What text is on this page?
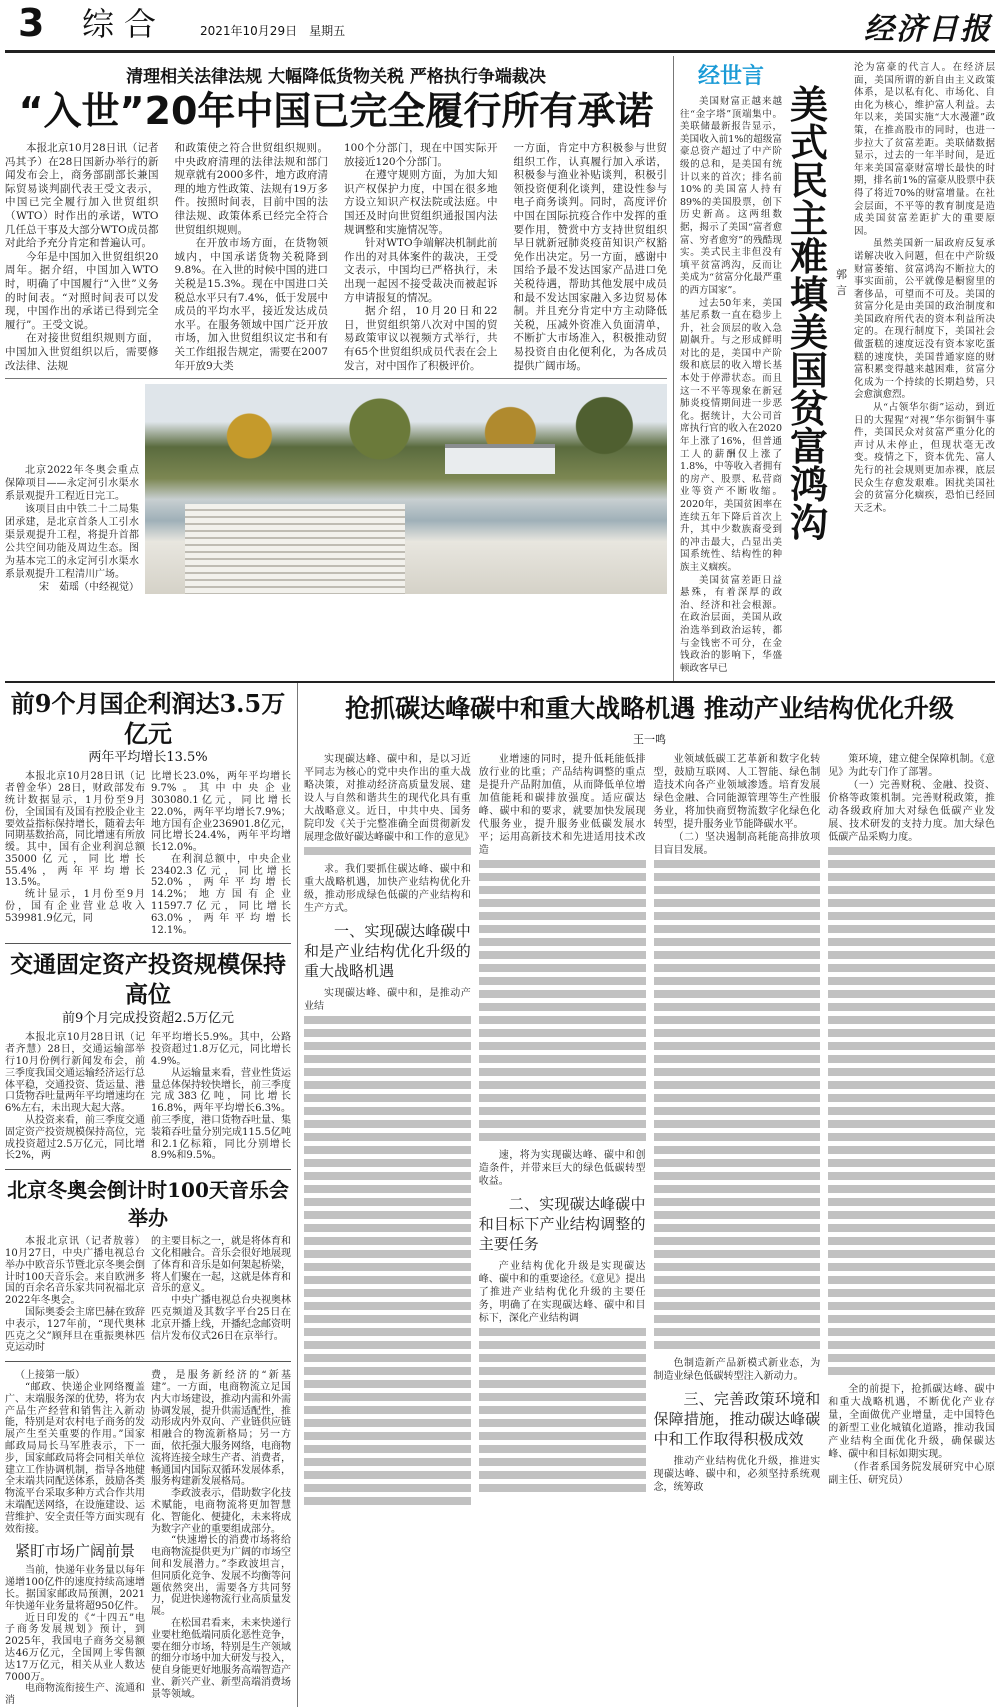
3 综合	2021年10月29日　 星期五	经济日报
清理相关法律法规 大幅降低货物关税 严格执行争端裁决
“入世”20年中国已完全履行所有承诺

本报北京10月28日讯（记者冯其予）在28日国新办举行的新闻发布会上，商务部副部长兼国际贸易谈判副代表王受文表示，中国已完全履行加入世贸组织（WTO）时作出的承诺，WTO几任总干事及大部分WTO成员都对此给予充分肯定和普遍认可。
今年是中国加入世贸组织20周年。据介绍，中国加入WTO时，明确了中国履行“入世”义务的时间表。“对照时间表可以发现，中国作出的承诺已得到完全履行”。王受文说。
在对接世贸组织规则方面，中国加入世贸组织以后，需要修改法律、法规

和政策使之符合世贸组织规则。中央政府清理的法律法规和部门规章就有2000多件，地方政府清理的地方性政策、法规有19万多件。按照时间表，目前中国的法律法规、政策体系已经完全符合世贸组织规则。
在开放市场方面，在货物领域内，中国承诺货物关税降到9.8%。在入世的时候中国的进口关税是15.3%。现在中国进口关税总水平只有7.4%，低于发展中成员的平均水平，接近发达成员水平。在服务领域中国广泛开放市场，加入世贸组织议定书和有关工作组报告规定，需要在2007年开放9大类

100个分部门，现在中国实际开放接近120个分部门。
在遵守规则方面，为加大知识产权保护力度，中国在很多地方设立知识产权法院或法庭。中国还及时向世贸组织通报国内法规调整和实施情况等。
针对WTO争端解决机制此前作出的对具体案件的裁决，王受文表示，中国均已严格执行，未出现一起因不接受裁决而被起诉方申请报复的情况。
据介绍，10月20日和22日，世贸组织第八次对中国的贸易政策审议以视频方式举行，共有65个世贸组织成员代表在会上发言，对中国作了积极评价。

一方面，肯定中方积极参与世贸组织工作，认真履行加入承诺，积极参与渔业补贴谈判，积极引领投资便利化谈判，建设性参与电子商务谈判。同时，高度评价中国在国际抗疫合作中发挥的重要作用，赞赏中方支持世贸组织早日就新冠肺炎疫苗知识产权豁免作出决定。另一方面，感谢中国给予最不发达国家产品进口免关税待遇，帮助其他发展中成员和最不发达国家融入多边贸易体制。并且充分肯定中方主动降低关税，压减外资准入负面清单，不断扩大市场准入，积极推动贸易投资自由化便利化，为各成员提供广阔市场。

北京2022年冬奥会重点保障项目——永定河引水渠水系景观提升工程近日完工。
该项目由中铁二十二局集团承建，是北京首条人工引水渠景观提升工程，将提升首都公共空间功能及周边生态。图为基本完工的永定河引水渠水系景观提升工程清川广场。

宋　茹瑶（中经视觉）
经世言

美国财富正越来越往“金字塔”顶端集中。美联储最新报告显示，美国收入前1%的超级富豪总资产超过了中产阶级的总和，是美国有统计以来的首次；排名前10%的美国富人持有89%的美国股票，创下历史新高。这两组数据，揭示了美国“富者愈富、穷者愈穷”的残酷现实。美式民主非但没有填平贫富鸿沟，反而让美成为“贫富分化最严重的西方国家”。
过去50年来，美国基尼系数一直在稳步上升，社会顶层的收入急剧飙升。与之形成鲜明对比的是，美国中产阶级和底层的收入增长基本处于停滞状态。而且这一不平等现象在新冠肺炎疫情期间进一步恶化。据统计，大公司首席执行官的收入在2020年上涨了16%，但普通工人的薪酬仅上涨了1.8%，中等收入者拥有的房产、股票、私营商业等资产不断收缩。2020年，美国贫困率在连续五年下降后首次上升，其中少数族裔受到的冲击最大，凸显出美国系统性、结构性的种族主义痼疾。
美国贫富差距日益悬殊，有着深厚的政治、经济和社会根源。在政治层面，美国从政治选举到政治运转，都与金钱密不可分，在金钱政治的影响下，华盛顿政客早已

美式民主难填美国贫富鸿沟
郭　言

沦为富豪的代言人。在经济层面，美国所谓的新自由主义政策体系，是以私有化、市场化、自由化为核心，维护富人利益。去年以来，美国实施“大水漫灌”政策，在推高股市的同时，也进一步拉大了贫富差距。美联储数据显示，过去的一年半时间，是近年来美国富豪财富增长最快的时期，排名前1%的富豪从股票中获得了将近70%的财富增量。在社会层面，不平等的教育制度是造成美国贫富差距扩大的重要原因。
虽然美国新一届政府反复承诺解决收入问题，但在中产阶级财富萎缩、贫富鸿沟不断拉大的事实面前，公平就像是橱窗里的奢侈品，可望而不可及。美国的贫富分化是由美国的政治制度和美国政府所代表的资本利益所决定的。在现行制度下，美国社会做蛋糕的速度远没有资本家吃蛋糕的速度快，美国普通家庭的财富积累变得越来越困难，贫富分化成为一个持续的长期趋势，只会愈演愈烈。
从“占领华尔街”运动，到近日的大猩猩“对视”华尔街铜牛事件，美国民众对贫富严重分化的声讨从未停止，但现状毫无改变。疫情之下，资本优先、富人先行的社会规则更加赤裸，底层民众生存愈发艰难。困扰美国社会的贫富分化痼疾，恐怕已经回天乏术。

前9个月国企利润达3.5万亿元
两年平均增长13.5%

本报北京10月28日讯（记者曾金华）28日，财政部发布统计数据显示，1月份至9月份，全国国有及国有控股企业主要效益指标保持增长，随着去年同期基数抬高，同比增速有所放缓。其中，国有企业利润总额35000亿元，同比增长55.4%，两年平均增长13.5%。
统计显示，1月份至9月份，国有企业营业总收入539981.9亿元，同

比增长23.0%，两年平均增长9.7%。其中中央企业303080.1亿元，同比增长22.0%，两年平均增长7.9%；地方国有企业236901.8亿元，同比增长24.4%，两年平均增长12.0%。
在利润总额中，中央企业23402.3亿元，同比增长52.0%，两年平均增长14.2%；地方国有企业11597.7亿元，同比增长63.0%，两年平均增长12.1%。

交通固定资产投资规模保持高位
前9个月完成投资超2.5万亿元

本报北京10月28日讯（记者齐慧）28日，交通运输部举行10月份例行新闻发布会，前三季度我国交通运输经济运行总体平稳，交通投资、货运量、港口货物吞吐量两年平均增速均在6%左右，未出现大起大落。
从投资来看，前三季度交通固定资产投资规模保持高位，完成投资超过2.5万亿元，同比增长2%，两

年平均增长5.9%。其中，公路投资超过1.8万亿元，同比增长4.9%。
从运输量来看，营业性货运量总体保持较快增长，前三季度完成383亿吨，同比增长16.8%，两年平均增长6.3%。前三季度，港口货物吞吐量、集装箱吞吐量分别完成115.5亿吨和2.1亿标箱，同比分别增长8.9%和9.5%。

北京冬奥会倒计时100天音乐会举办

本报北京讯（记者敖蓉）10月27日，中央广播电视总台举办中欧音乐节暨北京冬奥会倒计时100天音乐会。来自欧洲多国的百余名音乐家共同祝福北京2022年冬奥会。
国际奥委会主席巴赫在致辞中表示，127年前，“现代奥林匹克之父”顾拜旦在重振奥林匹克运动时

的主要目标之一，就是将体育和文化相融合。音乐会很好地展现了体育和音乐是如何架起桥梁，将人们聚在一起，这就是体育和音乐的意义。
中央广播电视总台央视奥林匹克频道及其数字平台25日在北京开播上线，开播纪念邮资明信片发布仪式26日在京举行。

（上接第一版）

“邮政、快递企业网络覆盖广、末端服务深的优势，将为农产品生产经营和销售注入新动能，特别是对农村电子商务的发展产生至关重要的作用。”国家邮政局局长马军胜表示，下一步，国家邮政局将会同相关单位建立工作协调机制，指导各地健全末端共同配送体系，鼓励各类物流平台采取多种方式合作共用末端配送网络，在设施建设、运营维护、安全责任等方面实现有效衔接。

紧盯市场广阔前景

当前，快递年业务量以每年递增100亿件的速度持续高速增长。据国家邮政局预测，2021年快递年业务量将超950亿件。
近日印发的《“十四五”电子商务发展规划》预计，到2025年，我国电子商务交易额达46万亿元，全国网上零售额达17万亿元，相关从业人数达7000万。
电商物流衔接生产、流通和消

费，是服务新经济的“新基建”。一方面，电商物流立足国内大市场建设，推动内需和外需协调发展，提升供需适配性，推动形成内外双向、产业链供应链相融合的物流新格局；另一方面，依托强大服务网络，电商物流将连接全球生产者、消费者，畅通国内国际双循环发展体系，服务构建新发展格局。
李政波表示，借助数字化技术赋能，电商物流将更加智慧化、智能化、便捷化，未来将成为数字产业的重要组成部分。
“快速增长的消费市场将给电商物流提供更为广阔的市场空间和发展潜力。”李政波坦言，但同质化竞争、发展不均衡等问题依然突出，需要各方共同努力，促进快递物流行业高质量发展。
在松国君看来，未来快递行业要杜绝低端同质化恶性竞争，要在细分市场，特别是生产领域的细分市场中加大研发与投入，使自身能更好地服务高端智造产业、新兴产业、新型高端消费场景等领域。

抢抓碳达峰碳中和重大战略机遇 推动产业结构优化升级
王一鸣

实现碳达峰、碳中和，是以习近平同志为核心的党中央作出的重大战略决策，对推动经济高质量发展、建设人与自然和谐共生的现代化具有重大战略意义。近日，中共中央、国务院印发《关于完整准确全面贯彻新发展理念做好碳达峰碳中和工作的意见》

求。我们要抓住碳达峰、碳中和重大战略机遇，加快产业结构优化升级，推动形成绿色低碳的产业结构和生产方式。

一、实现碳达峰碳中和是产业结构优化升级的重大战略机遇

实现碳达峰、碳中和，是推动产业结

业增速的同时，提升低耗能低排放行业的比重；产品结构调整的重点是提升产品附加值，从而降低单位增加值能耗和碳排放强度。适应碳达峰、碳中和的要求，就要加快发展现代服务业，提升服务业低碳发展水平；运用高新技术和先进适用技术改造

速，将为实现碳达峰、碳中和创造条件，并带来巨大的绿色低碳转型收益。

二、实现碳达峰碳中和目标下产业结构调整的主要任务

产业结构优化升级是实现碳达峰、碳中和的重要途径。《意见》提出了推进产业结构优化升级的主要任务，明确了在实现碳达峰、碳中和目标下，深化产业结构调

业领域低碳工艺革新和数字化转型，鼓励互联网、人工智能、绿色制造技术向各产业领域渗透。培育发展绿色金融、合同能源管理等生产性服务业，将加快商贸物流数字化绿色化转型，提升服务业节能降碳水平。
（二）坚决遏制高耗能高排放项目盲目发展。

色制造新产品新模式新业态，为制造业绿色低碳转型注入新动力。

三、完善政策环境和保障措施，推动碳达峰碳中和工作取得积极成效

推动产业结构优化升级，推进实现碳达峰、碳中和，必须坚持系统观念，统筹政

策环境，建立健全保障机制。《意见》为此专门作了部署。
（一）完善财税、金融、投资、价格等政策机制。完善财税政策，推动各级政府加大对绿色低碳产业发展、技术研发的支持力度。加大绿色低碳产品采购力度。

全的前提下，抢抓碳达峰、碳中和重大战略机遇，不断优化产业存量，全面做优产业增量，走中国特色的新型工业化城镇化道路，推动我国产业结构全面优化升级，确保碳达峰、碳中和目标如期实现。

（作者系国务院发展研究中心原副主任、研究员）
